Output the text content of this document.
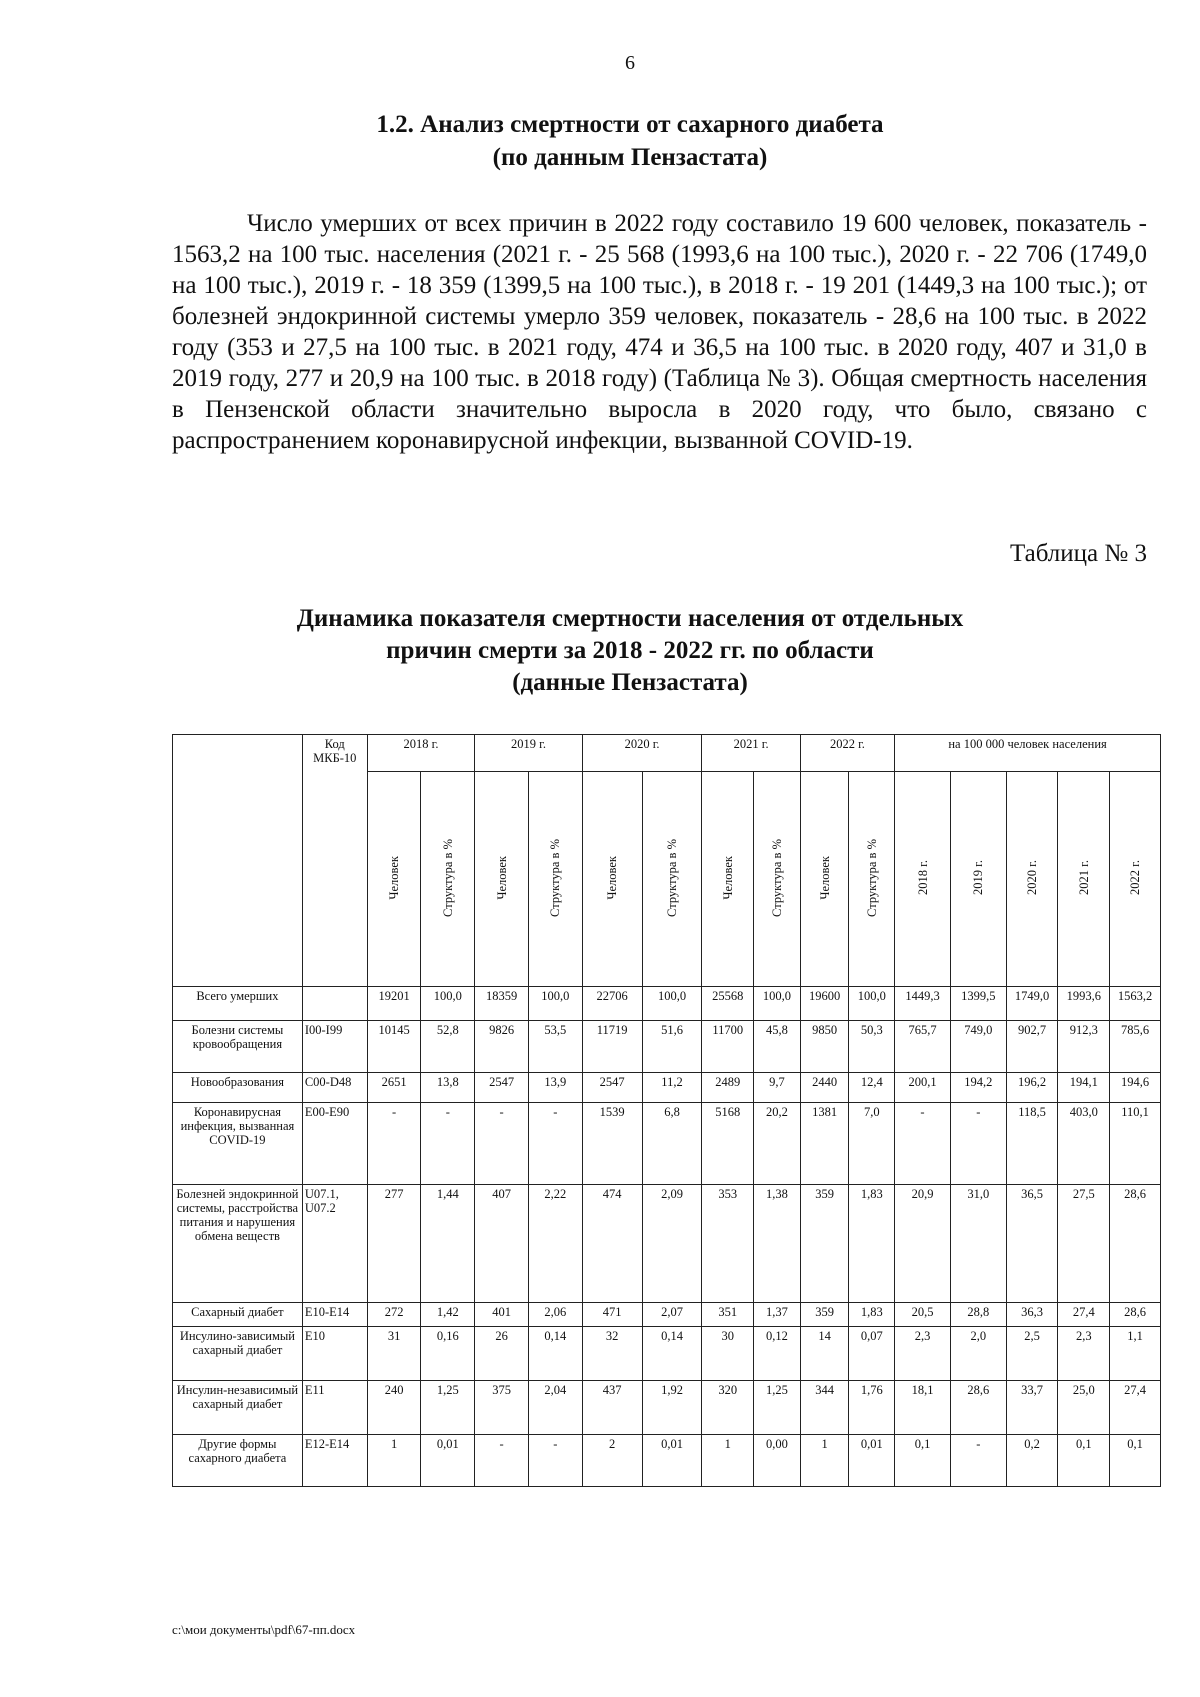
6
1.2. Анализ смертности от сахарного диабета
(по данным Пензастата)

Число умерших от всех причин в 2022 году составило 19 600 человек, показатель - 1563,2 на 100 тыс. населения (2021 г. - 25 568 (1993,6 на 100 тыс.), 2020 г. - 22 706 (1749,0 на 100 тыс.), 2019 г. - 18 359 (1399,5 на 100 тыс.), в 2018 г. - 19 201 (1449,3 на 100 тыс.); от болезней эндокринной системы умерло 359 человек, показатель - 28,6 на 100 тыс. в 2022 году (353 и 27,5 на 100 тыс. в 2021 году, 474 и 36,5 на 100 тыс. в 2020 году, 407 и 31,0 в 2019 году, 277 и 20,9 на 100 тыс. в 2018 году) (Таблица № 3). Общая смертность населения в Пензенской области значительно выросла в 2020 году, что было, связано с распространением коронавирусной инфекции, вызванной COVID-19.

Таблица № 3
Динамика показателя смертности населения от отдельных
причин смерти за 2018 - 2022 гг. по области
(данные Пензастата)
	Код МКБ-10	2018 г.		2019 г.		2020 г.		2021 г.		2022 г.		на 100 000 человек населения				
		Человек	Структура в %	Человек	Структура в %	Человек	Структура в %	Человек	Структура в %	Человек	Структура в %	2018 г.	2019 г.	2020 г.	2021 г.	2022 г.
Всего умерших		19201	100,0	18359	100,0	22706	100,0	25568	100,0	19600	100,0	1449,3	1399,5	1749,0	1993,6	1563,2
Болезни системы кровообращения	I00-I99	10145	52,8	9826	53,5	11719	51,6	11700	45,8	9850	50,3	765,7	749,0	902,7	912,3	785,6
Новообразования	C00-D48	2651	13,8	2547	13,9	2547	11,2	2489	9,7	2440	12,4	200,1	194,2	196,2	194,1	194,6
Коронавирусная инфекция, вызванная COVID-19	E00-E90	-	-	-	-	1539	6,8	5168	20,2	1381	7,0	-	-	118,5	403,0	110,1
Болезней эндокринной системы, расстройства питания и нарушения обмена веществ	U07.1, U07.2	277	1,44	407	2,22	474	2,09	353	1,38	359	1,83	20,9	31,0	36,5	27,5	28,6
Сахарный диабет	E10-E14	272	1,42	401	2,06	471	2,07	351	1,37	359	1,83	20,5	28,8	36,3	27,4	28,6
Инсулино-зависимый сахарный диабет	E10	31	0,16	26	0,14	32	0,14	30	0,12	14	0,07	2,3	2,0	2,5	2,3	1,1
Инсулин-независимый сахарный диабет	E11	240	1,25	375	2,04	437	1,92	320	1,25	344	1,76	18,1	28,6	33,7	25,0	27,4
Другие формы сахарного диабета	E12-E14	1	0,01	-	-	2	0,01	1	0,00	1	0,01	0,1	-	0,2	0,1	0,1
c:\мои документы\pdf\67-пп.docx
